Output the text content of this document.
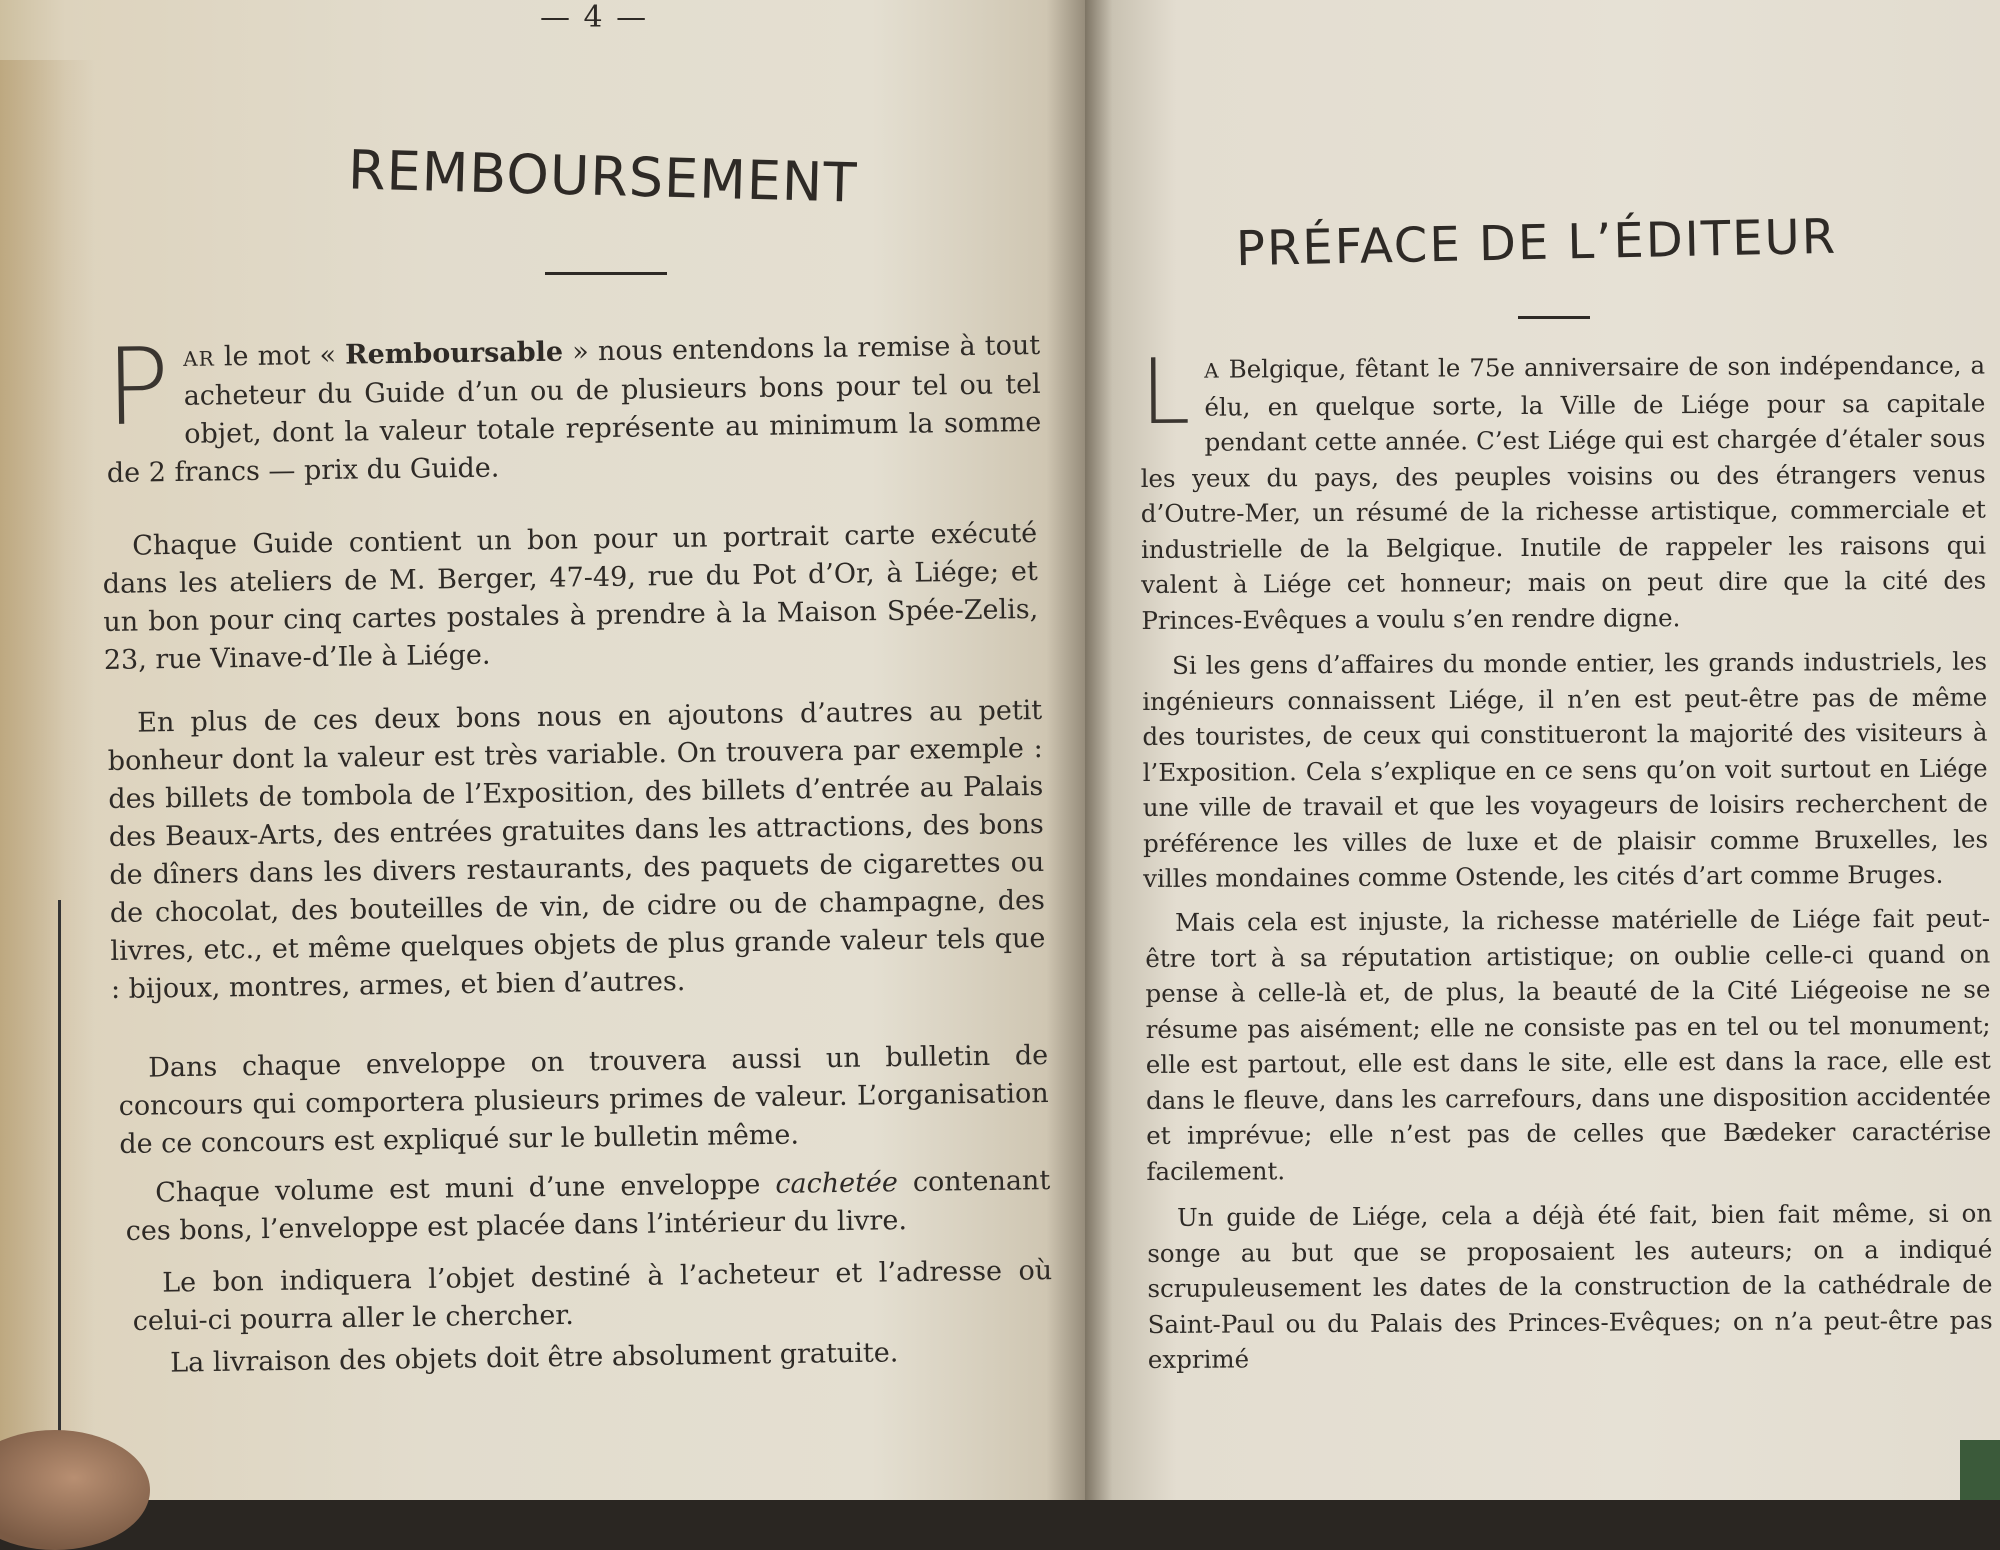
— 4 —
REMBOURSEMENT

PAR le mot « Remboursable » nous entendons la remise à tout acheteur du Guide d’un ou de plusieurs bons pour tel ou tel objet, dont la valeur totale représente au minimum la somme de 2 francs — prix du Guide.

Chaque Guide contient un bon pour un portrait carte exécuté dans les ateliers de M. Berger, 47-49, rue du Pot d’Or, à Liége; et un bon pour cinq cartes postales à prendre à la Maison Spée-Zelis, 23, rue Vinave-d’Ile à Liége.

En plus de ces deux bons nous en ajoutons d’autres au petit bonheur dont la valeur est très variable. On trouvera par exemple : des billets de tombola de l’Exposition, des billets d’entrée au Palais des Beaux-Arts, des entrées gratuites dans les attractions, des bons de dîners dans les divers restaurants, des paquets de cigarettes ou de chocolat, des bouteilles de vin, de cidre ou de champagne, des livres, etc., et même quelques objets de plus grande valeur tels que : bijoux, montres, armes, et bien d’autres.

Dans chaque enveloppe on trouvera aussi un bulletin de concours qui comportera plusieurs primes de valeur. L’organisation de ce concours est expliqué sur le bulletin même.

Chaque volume est muni d’une enveloppe cachetée contenant ces bons, l’enveloppe est placée dans l’intérieur du livre.

Le bon indiquera l’objet destiné à l’acheteur et l’adresse où celui-ci pourra aller le chercher.

La livraison des objets doit être absolument gratuite.

PRÉFACE DE L’ÉDITEUR

L A Belgique, fêtant le 75e anniversaire de son indépendance, a élu, en quelque sorte, la Ville de Liége pour sa capitale pendant cette année. C’est Liége qui est chargée d’étaler sous les yeux du pays, des peuples voisins ou des étrangers venus d’Outre-Mer, un résumé de la richesse artistique, commerciale et industrielle de la Belgique. Inutile de rappeler les raisons qui valent à Liége cet honneur; mais on peut dire que la cité des Princes-Evêques a voulu s’en rendre digne.

Si les gens d’affaires du monde entier, les grands industriels, les ingénieurs connaissent Liége, il n’en est peut-être pas de même des touristes, de ceux qui constitueront la majorité des visiteurs à l’Exposition. Cela s’explique en ce sens qu’on voit surtout en Liége une ville de travail et que les voyageurs de loisirs recherchent de préférence les villes de luxe et de plaisir comme Bruxelles, les villes mondaines comme Ostende, les cités d’art comme Bruges.

Mais cela est injuste, la richesse matérielle de Liége fait peut-être tort à sa réputation artistique; on oublie celle-ci quand on pense à celle-là et, de plus, la beauté de la Cité Liégeoise ne se résume pas aisément; elle ne consiste pas en tel ou tel monument; elle est partout, elle est dans le site, elle est dans la race, elle est dans le fleuve, dans les carrefours, dans une disposition accidentée et imprévue; elle n’est pas de celles que Bædeker caractérise facilement.

Un guide de Liége, cela a déjà été fait, bien fait même, si on songe au but que se proposaient les auteurs; on a indiqué scrupuleusement les dates de la construction de la cathédrale de Saint-Paul ou du Palais des Princes-Evêques; on n’a peut-être pas exprimé
